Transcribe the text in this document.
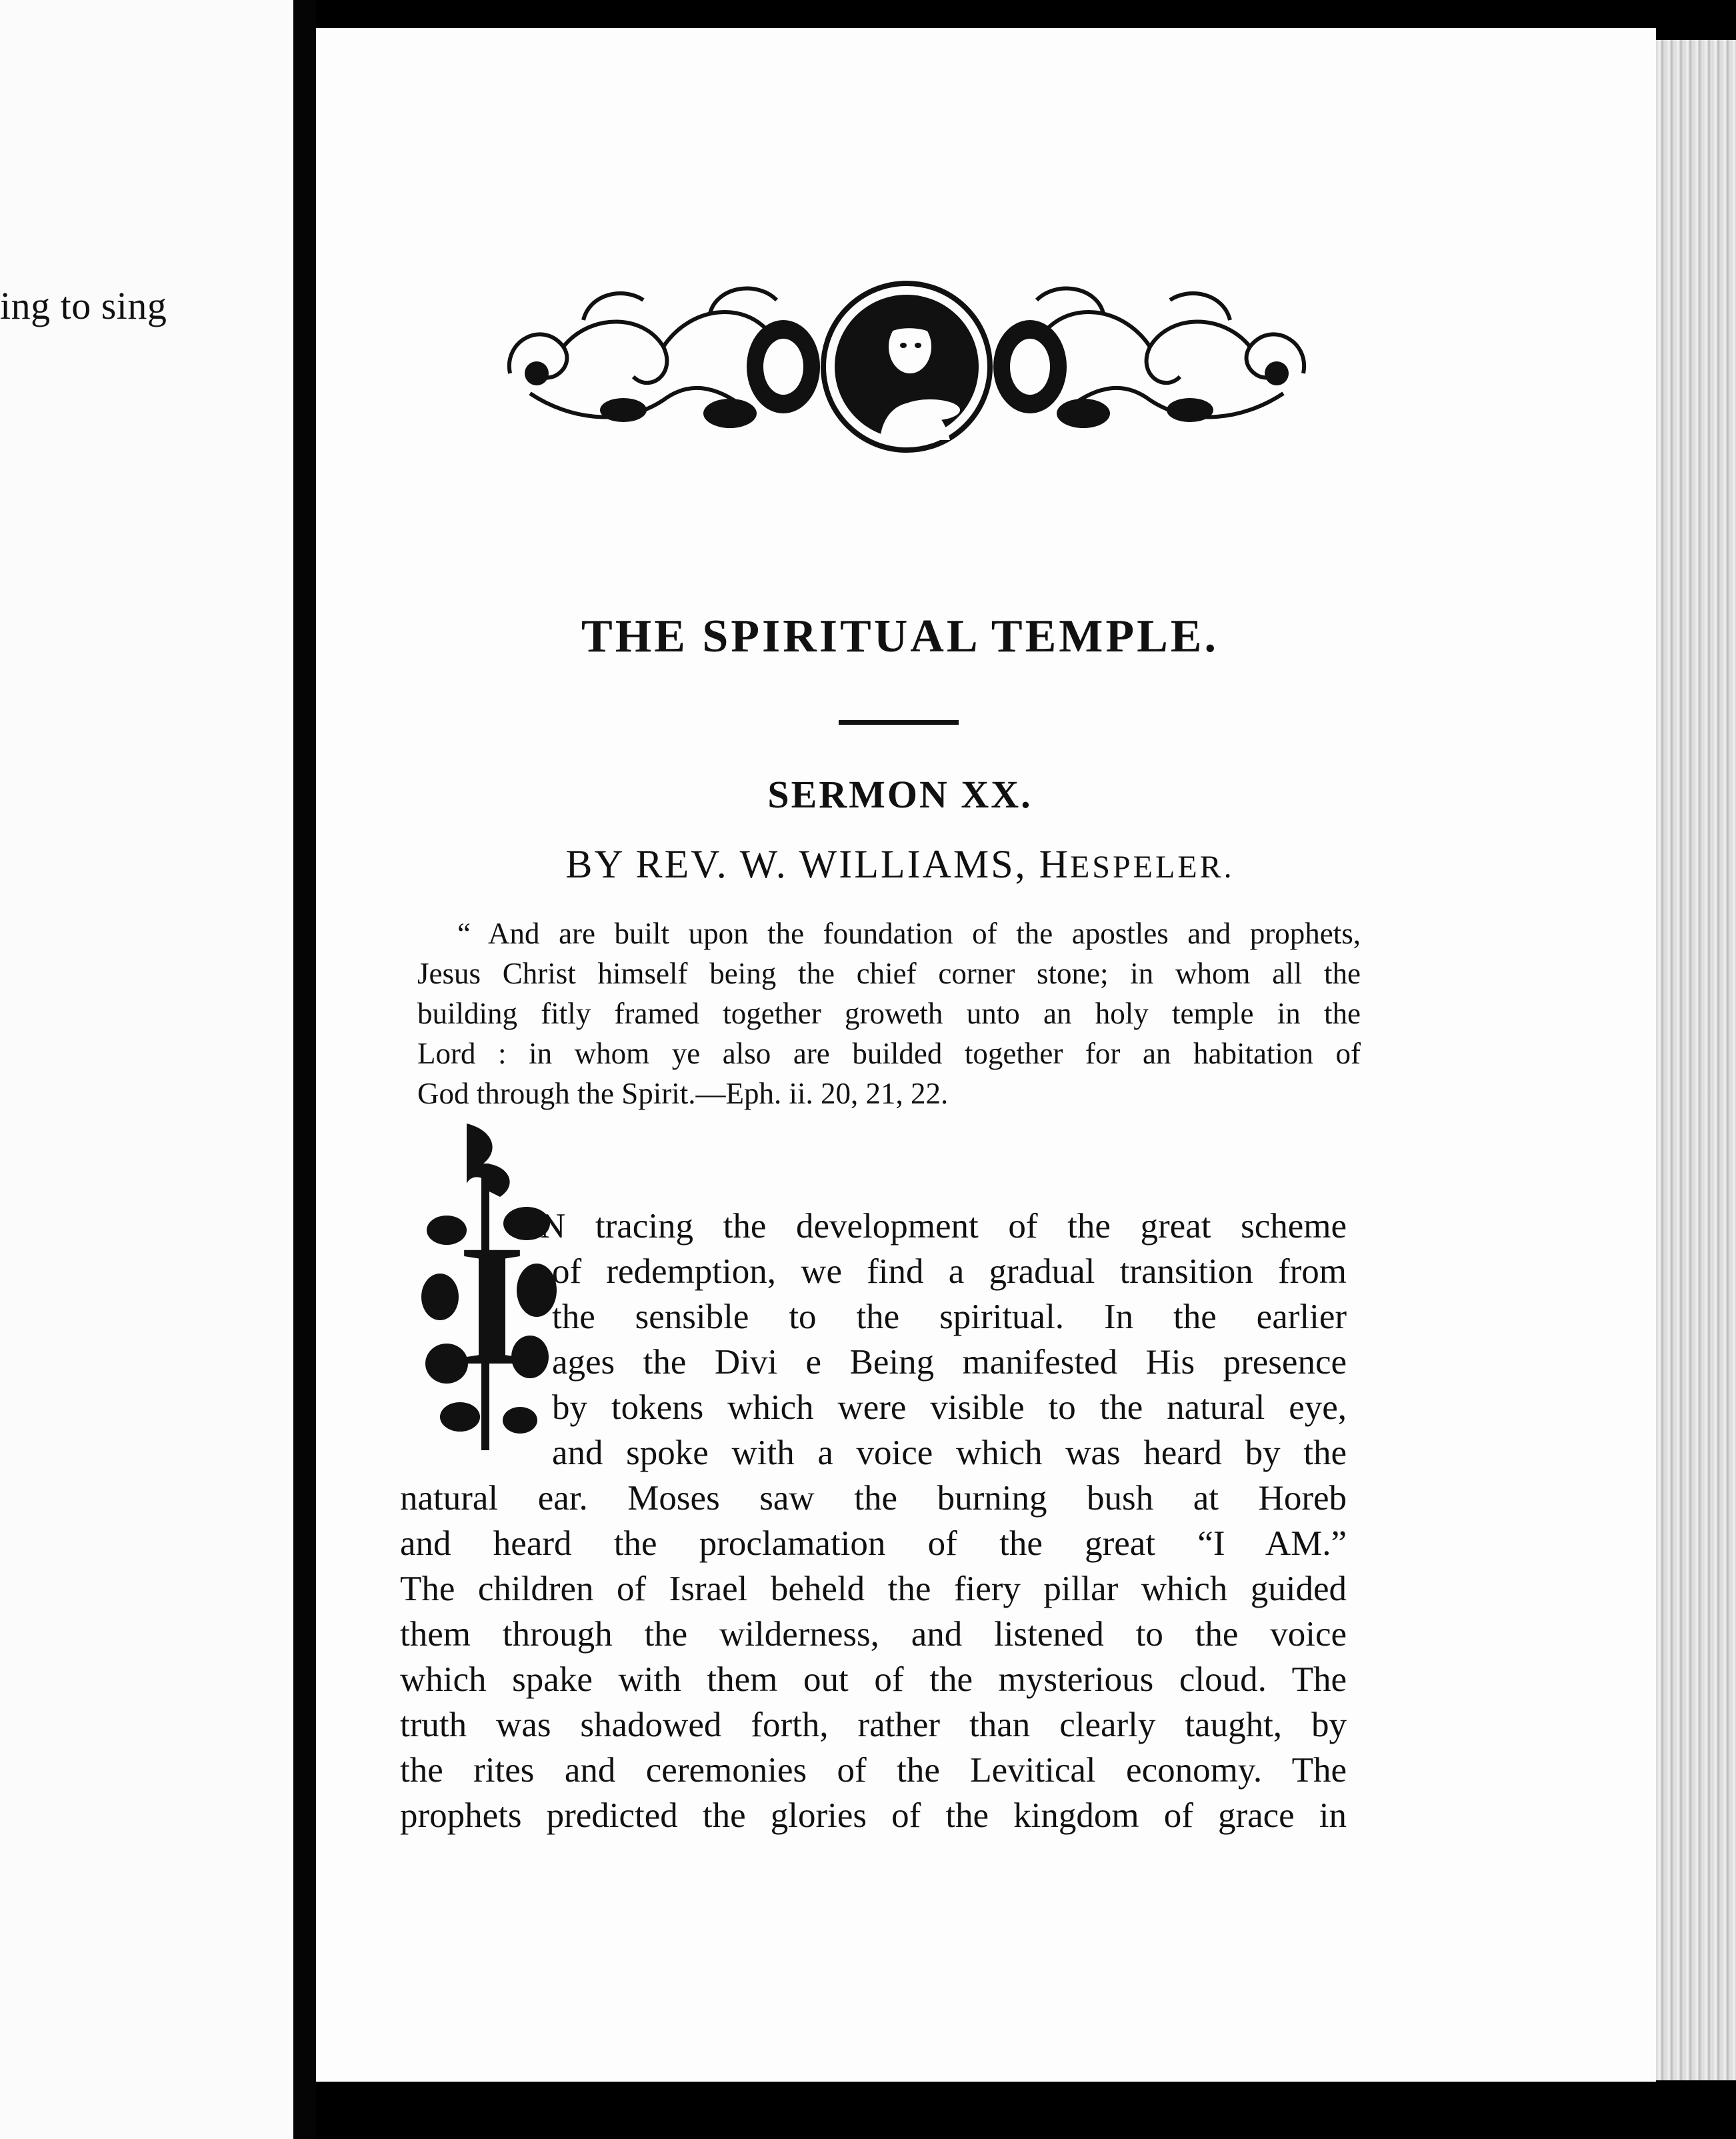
ing to sing
THE SPIRITUAL TEMPLE.
SERMON XX.
BY REV. W. WILLIAMS, HESPELER.
“ And are built upon the foundation of the apostles and prophets,
Jesus Christ himself being the chief corner stone; in whom all the
building fitly framed together groweth unto an holy temple in the
Lord : in whom ye also are builded together for an habitation of
God through the Spirit.—Eph. ii. 20, 21, 22.
I N tracing the development of the great scheme
of redemption, we find a gradual transition from
the sensible to the spiritual. In the earlier
ages the Divi e Being manifested His presence
by tokens which were visible to the natural eye,
and spoke with a voice which was heard by the
natural ear. Moses saw the burning bush at Horeb
and heard the proclamation of the great “I AM.”
The children of Israel beheld the fiery pillar which guided
them through the wilderness, and listened to the voice
which spake with them out of the mysterious cloud. The
truth was shadowed forth, rather than clearly taught, by
the rites and ceremonies of the Levitical economy. The
prophets predicted the glories of the kingdom of grace in
